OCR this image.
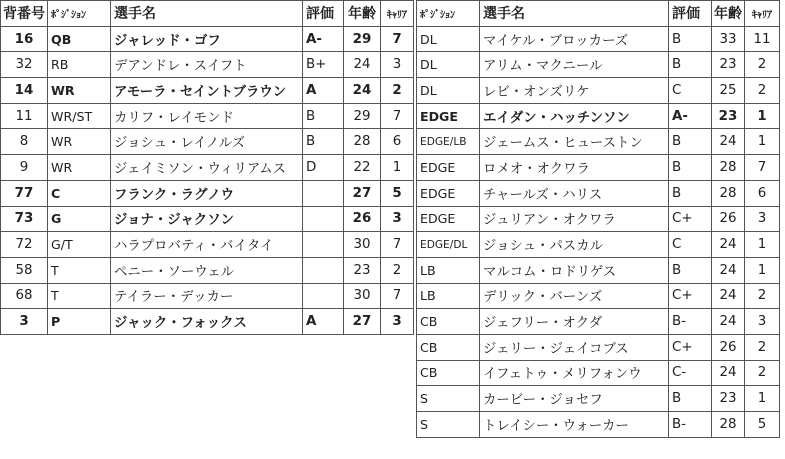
背番号	ﾎﾟｼﾞｼｮﾝ	選手名	評価	年齢	ｷｬﾘｱ
16	QB	ジャレッド・ゴフ	A-	29	7
32	RB	デアンドレ・スイフト	B+	24	3
14	WR	アモーラ・セイントブラウン	A	24	2
11	WR/ST	カリフ・レイモンド	B	29	7
8	WR	ジョシュ・レイノルズ	B	28	6
9	WR	ジェイミソン・ウィリアムス	D	22	1
77	C	フランク・ラグノウ		27	5
73	G	ジョナ・ジャクソン		26	3
72	G/T	ハラプロバティ・バイタイ		30	7
58	T	ペニー・ソーウェル		23	2
68	T	テイラー・デッカー		30	7
3	P	ジャック・フォックス	A	27	3
ﾎﾟｼﾞｼｮﾝ	選手名	評価	年齢	ｷｬﾘｱ
DL	マイケル・ブロッカーズ	B	33	11
DL	アリム・マクニール	B	23	2
DL	レビ・オンズリケ	C	25	2
EDGE	エイダン・ハッチンソン	A-	23	1
EDGE/LB	ジェームス・ヒューストン	B	24	1
EDGE	ロメオ・オクワラ	B	28	7
EDGE	チャールズ・ハリス	B	28	6
EDGE	ジュリアン・オクワラ	C+	26	3
EDGE/DL	ジョシュ・パスカル	C	24	1
LB	マルコム・ロドリゲス	B	24	1
LB	デリック・バーンズ	C+	24	2
CB	ジェフリー・オクダ	B-	24	3
CB	ジェリー・ジェイコブス	C+	26	2
CB	イフェトゥ・メリフォンウ	C-	24	2
S	カービー・ジョセフ	B	23	1
S	トレイシー・ウォーカー	B-	28	5
